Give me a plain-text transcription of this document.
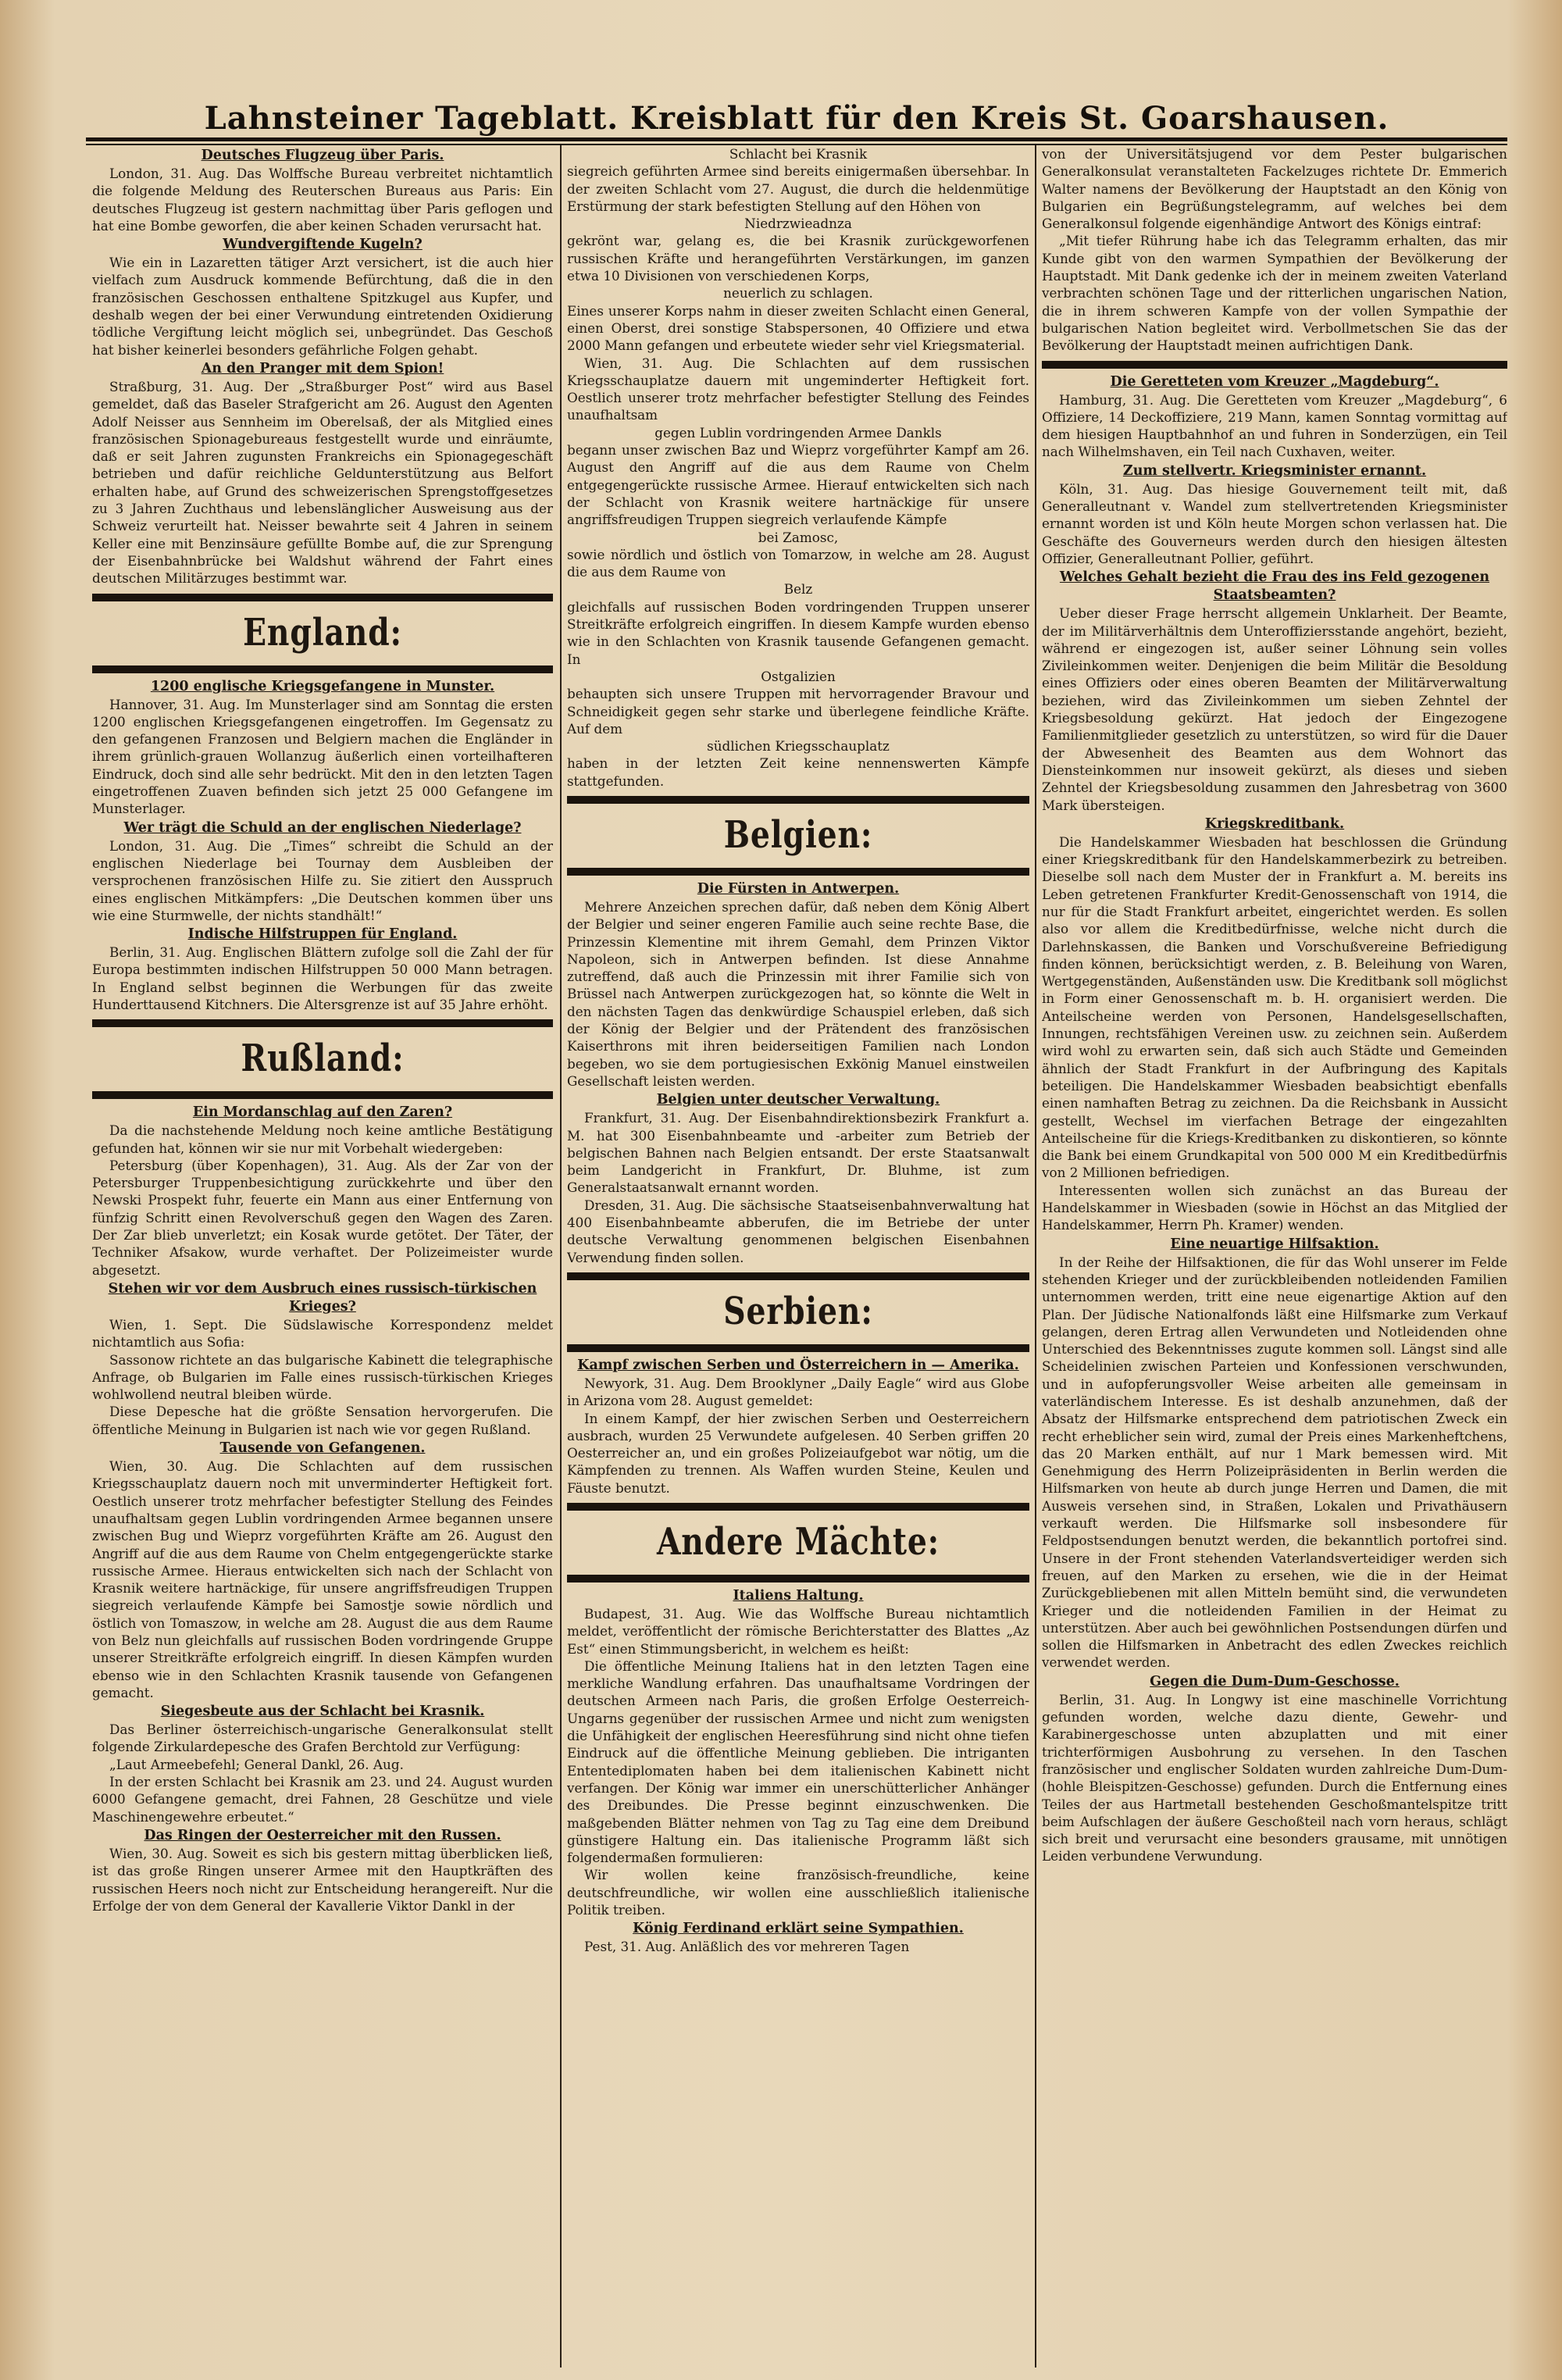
Lahnsteiner Tageblatt. Kreisblatt für den Kreis St. Goarshausen.
Deutsches Flugzeug über Paris.

London, 31. Aug. Das Wolffsche Bureau verbreitet nichtamtlich die folgende Meldung des Reuterschen Bureaus aus Paris: Ein deutsches Flugzeug ist gestern nachmittag über Paris geflogen und hat eine Bombe geworfen, die aber keinen Schaden verursacht hat.

Wundvergiftende Kugeln?

Wie ein in Lazaretten tätiger Arzt versichert, ist die auch hier vielfach zum Ausdruck kommende Befürchtung, daß die in den französischen Geschossen enthaltene Spitzkugel aus Kupfer, und deshalb wegen der bei einer Verwundung eintretenden Oxidierung tödliche Vergiftung leicht möglich sei, unbegründet. Das Geschoß hat bisher keinerlei besonders gefährliche Folgen gehabt.

An den Pranger mit dem Spion!

Straßburg, 31. Aug. Der „Straßburger Post“ wird aus Basel gemeldet, daß das Baseler Strafgericht am 26. August den Agenten Adolf Neisser aus Sennheim im Oberelsaß, der als Mitglied eines französischen Spionagebureaus festgestellt wurde und einräumte, daß er seit Jahren zugunsten Frankreichs ein Spionagegeschäft betrieben und dafür reichliche Geldunterstützung aus Belfort erhalten habe, auf Grund des schweizerischen Sprengstoffgesetzes zu 3 Jahren Zuchthaus und lebenslänglicher Ausweisung aus der Schweiz verurteilt hat. Neisser bewahrte seit 4 Jahren in seinem Keller eine mit Benzinsäure gefüllte Bombe auf, die zur Sprengung der Eisenbahnbrücke bei Waldshut während der Fahrt eines deutschen Militärzuges bestimmt war.

England:
1200 englische Kriegsgefangene in Munster.

Hannover, 31. Aug. Im Munsterlager sind am Sonntag die ersten 1200 englischen Kriegsgefangenen eingetroffen. Im Gegensatz zu den gefangenen Franzosen und Belgiern machen die Engländer in ihrem grünlich-grauen Wollanzug äußerlich einen vorteilhafteren Eindruck, doch sind alle sehr bedrückt. Mit den in den letzten Tagen eingetroffenen Zuaven befinden sich jetzt 25 000 Gefangene im Munsterlager.

Wer trägt die Schuld an der englischen Niederlage?

London, 31. Aug. Die „Times“ schreibt die Schuld an der englischen Niederlage bei Tournay dem Ausbleiben der versprochenen französischen Hilfe zu. Sie zitiert den Ausspruch eines englischen Mitkämpfers: „Die Deutschen kommen über uns wie eine Sturmwelle, der nichts standhält!“

Indische Hilfstruppen für England.

Berlin, 31. Aug. Englischen Blättern zufolge soll die Zahl der für Europa bestimmten indischen Hilfstruppen 50 000 Mann betragen. In England selbst beginnen die Werbungen für das zweite Hunderttausend Kitchners. Die Altersgrenze ist auf 35 Jahre erhöht.

Rußland:
Ein Mordanschlag auf den Zaren?

Da die nachstehende Meldung noch keine amtliche Bestätigung gefunden hat, können wir sie nur mit Vorbehalt wiedergeben:

Petersburg (über Kopenhagen), 31. Aug. Als der Zar von der Petersburger Truppenbesichtigung zurückkehrte und über den Newski Prospekt fuhr, feuerte ein Mann aus einer Entfernung von fünfzig Schritt einen Revolverschuß gegen den Wagen des Zaren. Der Zar blieb unverletzt; ein Kosak wurde getötet. Der Täter, der Techniker Afsakow, wurde verhaftet. Der Polizeimeister wurde abgesetzt.

Stehen wir vor dem Ausbruch eines russisch-türkischen Krieges?

Wien, 1. Sept. Die Südslawische Korrespondenz meldet nichtamtlich aus Sofia:

Sassonow richtete an das bulgarische Kabinett die telegraphische Anfrage, ob Bulgarien im Falle eines russisch-türkischen Krieges wohlwollend neutral bleiben würde.

Diese Depesche hat die größte Sensation hervorgerufen. Die öffentliche Meinung in Bulgarien ist nach wie vor gegen Rußland.

Tausende von Gefangenen.

Wien, 30. Aug. Die Schlachten auf dem russischen Kriegsschauplatz dauern noch mit unverminderter Heftigkeit fort. Oestlich unserer trotz mehrfacher befestigter Stellung des Feindes unaufhaltsam gegen Lublin vordringenden Armee begannen unsere zwischen Bug und Wieprz vorgeführten Kräfte am 26. August den Angriff auf die aus dem Raume von Chelm entgegengerückte starke russische Armee. Hieraus entwickelten sich nach der Schlacht von Krasnik weitere hartnäckige, für unsere angriffsfreudigen Truppen siegreich verlaufende Kämpfe bei Samostje sowie nördlich und östlich von Tomaszow, in welche am 28. August die aus dem Raume von Belz nun gleichfalls auf russischen Boden vordringende Gruppe unserer Streitkräfte erfolgreich eingriff. In diesen Kämpfen wurden ebenso wie in den Schlachten Krasnik tausende von Gefangenen gemacht.

Siegesbeute aus der Schlacht bei Krasnik.

Das Berliner österreichisch-ungarische Generalkonsulat stellt folgende Zirkulardepesche des Grafen Berchtold zur Verfügung:

„Laut Armeebefehl; General Dankl, 26. Aug.

In der ersten Schlacht bei Krasnik am 23. und 24. August wurden 6000 Gefangene gemacht, drei Fahnen, 28 Geschütze und viele Maschinengewehre erbeutet.“

Das Ringen der Oesterreicher mit den Russen.

Wien, 30. Aug. Soweit es sich bis gestern mittag überblicken ließ, ist das große Ringen unserer Armee mit den Hauptkräften des russischen Heers noch nicht zur Entscheidung herangereift. Nur die Erfolge der von dem General der Kavallerie Viktor Dankl in der

Schlacht bei Krasnik

siegreich geführten Armee sind bereits einigermaßen übersehbar. In der zweiten Schlacht vom 27. August, die durch die heldenmütige Erstürmung der stark befestigten Stellung auf den Höhen von

Niedrzwieadnza

gekrönt war, gelang es, die bei Krasnik zurückgeworfenen russischen Kräfte und herangeführten Verstärkungen, im ganzen etwa 10 Divisionen von verschiedenen Korps,

neuerlich zu schlagen.

Eines unserer Korps nahm in dieser zweiten Schlacht einen General, einen Oberst, drei sonstige Stabspersonen, 40 Offiziere und etwa 2000 Mann gefangen und erbeutete wieder sehr viel Kriegsmaterial.

Wien, 31. Aug. Die Schlachten auf dem russischen Kriegsschauplatze dauern mit ungeminderter Heftigkeit fort. Oestlich unserer trotz mehrfacher befestigter Stellung des Feindes unaufhaltsam

gegen Lublin vordringenden Armee Dankls

begann unser zwischen Baz und Wieprz vorgeführter Kampf am 26. August den Angriff auf die aus dem Raume von Chelm entgegengerückte russische Armee. Hierauf entwickelten sich nach der Schlacht von Krasnik weitere hartnäckige für unsere angriffsfreudigen Truppen siegreich verlaufende Kämpfe

bei Zamosc,

sowie nördlich und östlich von Tomarzow, in welche am 28. August die aus dem Raume von

Belz

gleichfalls auf russischen Boden vordringenden Truppen unserer Streitkräfte erfolgreich eingriffen. In diesem Kampfe wurden ebenso wie in den Schlachten von Krasnik tausende Gefangenen gemacht. In

Ostgalizien

behaupten sich unsere Truppen mit hervorragender Bravour und Schneidigkeit gegen sehr starke und überlegene feindliche Kräfte. Auf dem

südlichen Kriegsschauplatz

haben in der letzten Zeit keine nennenswerten Kämpfe stattgefunden.

Belgien:
Die Fürsten in Antwerpen.

Mehrere Anzeichen sprechen dafür, daß neben dem König Albert der Belgier und seiner engeren Familie auch seine rechte Base, die Prinzessin Klementine mit ihrem Gemahl, dem Prinzen Viktor Napoleon, sich in Antwerpen befinden. Ist diese Annahme zutreffend, daß auch die Prinzessin mit ihrer Familie sich von Brüssel nach Antwerpen zurückgezogen hat, so könnte die Welt in den nächsten Tagen das denkwürdige Schauspiel erleben, daß sich der König der Belgier und der Prätendent des französischen Kaiserthrons mit ihren beiderseitigen Familien nach London begeben, wo sie dem portugiesischen Exkönig Manuel einstweilen Gesellschaft leisten werden.

Belgien unter deutscher Verwaltung.

Frankfurt, 31. Aug. Der Eisenbahndirektionsbezirk Frankfurt a. M. hat 300 Eisenbahnbeamte und -arbeiter zum Betrieb der belgischen Bahnen nach Belgien entsandt. Der erste Staatsanwalt beim Landgericht in Frankfurt, Dr. Bluhme, ist zum Generalstaatsanwalt ernannt worden.

Dresden, 31. Aug. Die sächsische Staatseisenbahnverwaltung hat 400 Eisenbahnbeamte abberufen, die im Betriebe der unter deutsche Verwaltung genommenen belgischen Eisenbahnen Verwendung finden sollen.

Serbien:
Kampf zwischen Serben und Österreichern in — Amerika.

Newyork, 31. Aug. Dem Brooklyner „Daily Eagle“ wird aus Globe in Arizona vom 28. August gemeldet:

In einem Kampf, der hier zwischen Serben und Oesterreichern ausbrach, wurden 25 Verwundete aufgelesen. 40 Serben griffen 20 Oesterreicher an, und ein großes Polizeiaufgebot war nötig, um die Kämpfenden zu trennen. Als Waffen wurden Steine, Keulen und Fäuste benutzt.

Andere Mächte:
Italiens Haltung.

Budapest, 31. Aug. Wie das Wolffsche Bureau nichtamtlich meldet, veröffentlicht der römische Berichterstatter des Blattes „Az Est“ einen Stimmungsbericht, in welchem es heißt:

Die öffentliche Meinung Italiens hat in den letzten Tagen eine merkliche Wandlung erfahren. Das unaufhaltsame Vordringen der deutschen Armeen nach Paris, die großen Erfolge Oesterreich-Ungarns gegenüber der russischen Armee und nicht zum wenigsten die Unfähigkeit der englischen Heeresführung sind nicht ohne tiefen Eindruck auf die öffentliche Meinung geblieben. Die intriganten Ententediplomaten haben bei dem italienischen Kabinett nicht verfangen. Der König war immer ein unerschütterlicher Anhänger des Dreibundes. Die Presse beginnt einzuschwenken. Die maßgebenden Blätter nehmen von Tag zu Tag eine dem Dreibund günstigere Haltung ein. Das italienische Programm läßt sich folgendermaßen formulieren:

Wir wollen keine französisch-freundliche, keine deutschfreundliche, wir wollen eine ausschließlich italienische Politik treiben.

König Ferdinand erklärt seine Sympathien.

Pest, 31. Aug. Anläßlich des vor mehreren Tagen

von der Universitätsjugend vor dem Pester bulgarischen Generalkonsulat veranstalteten Fackelzuges richtete Dr. Emmerich Walter namens der Bevölkerung der Hauptstadt an den König von Bulgarien ein Begrüßungstelegramm, auf welches bei dem Generalkonsul folgende eigenhändige Antwort des Königs eintraf:

„Mit tiefer Rührung habe ich das Telegramm erhalten, das mir Kunde gibt von den warmen Sympathien der Bevölkerung der Hauptstadt. Mit Dank gedenke ich der in meinem zweiten Vaterland verbrachten schönen Tage und der ritterlichen ungarischen Nation, die in ihrem schweren Kampfe von der vollen Sympathie der bulgarischen Nation begleitet wird. Verbollmetschen Sie das der Bevölkerung der Hauptstadt meinen aufrichtigen Dank.

Die Geretteten vom Kreuzer „Magdeburg“.

Hamburg, 31. Aug. Die Geretteten vom Kreuzer „Magdeburg“, 6 Offiziere, 14 Deckoffiziere, 219 Mann, kamen Sonntag vormittag auf dem hiesigen Hauptbahnhof an und fuhren in Sonderzügen, ein Teil nach Wilhelmshaven, ein Teil nach Cuxhaven, weiter.

Zum stellvertr. Kriegsminister ernannt.

Köln, 31. Aug. Das hiesige Gouvernement teilt mit, daß Generalleutnant v. Wandel zum stellvertretenden Kriegsminister ernannt worden ist und Köln heute Morgen schon verlassen hat. Die Geschäfte des Gouverneurs werden durch den hiesigen ältesten Offizier, Generalleutnant Pollier, geführt.

Welches Gehalt bezieht die Frau des ins Feld gezogenen Staatsbeamten?

Ueber dieser Frage herrscht allgemein Unklarheit. Der Beamte, der im Militärverhältnis dem Unteroffiziersstande angehört, bezieht, während er eingezogen ist, außer seiner Löhnung sein volles Zivileinkommen weiter. Denjenigen die beim Militär die Besoldung eines Offiziers oder eines oberen Beamten der Militärverwaltung beziehen, wird das Zivileinkommen um sieben Zehntel der Kriegsbesoldung gekürzt. Hat jedoch der Eingezogene Familienmitglieder gesetzlich zu unterstützen, so wird für die Dauer der Abwesenheit des Beamten aus dem Wohnort das Diensteinkommen nur insoweit gekürzt, als dieses und sieben Zehntel der Kriegsbesoldung zusammen den Jahresbetrag von 3600 Mark übersteigen.

Kriegskreditbank.

Die Handelskammer Wiesbaden hat beschlossen die Gründung einer Kriegskreditbank für den Handelskammerbezirk zu betreiben. Dieselbe soll nach dem Muster der in Frankfurt a. M. bereits ins Leben getretenen Frankfurter Kredit-Genossenschaft von 1914, die nur für die Stadt Frankfurt arbeitet, eingerichtet werden. Es sollen also vor allem die Kreditbedürfnisse, welche nicht durch die Darlehnskassen, die Banken und Vorschußvereine Befriedigung finden können, berücksichtigt werden, z. B. Beleihung von Waren, Wertgegenständen, Außenständen usw. Die Kreditbank soll möglichst in Form einer Genossenschaft m. b. H. organisiert werden. Die Anteilscheine werden von Personen, Handelsgesellschaften, Innungen, rechtsfähigen Vereinen usw. zu zeichnen sein. Außerdem wird wohl zu erwarten sein, daß sich auch Städte und Gemeinden ähnlich der Stadt Frankfurt in der Aufbringung des Kapitals beteiligen. Die Handelskammer Wiesbaden beabsichtigt ebenfalls einen namhaften Betrag zu zeichnen. Da die Reichsbank in Aussicht gestellt, Wechsel im vierfachen Betrage der eingezahlten Anteilscheine für die Kriegs-Kreditbanken zu diskontieren, so könnte die Bank bei einem Grundkapital von 500 000 M ein Kreditbedürfnis von 2 Millionen befriedigen.

Interessenten wollen sich zunächst an das Bureau der Handelskammer in Wiesbaden (sowie in Höchst an das Mitglied der Handelskammer, Herrn Ph. Kramer) wenden.

Eine neuartige Hilfsaktion.

In der Reihe der Hilfsaktionen, die für das Wohl unserer im Felde stehenden Krieger und der zurückbleibenden notleidenden Familien unternommen werden, tritt eine neue eigenartige Aktion auf den Plan. Der Jüdische Nationalfonds läßt eine Hilfsmarke zum Verkauf gelangen, deren Ertrag allen Verwundeten und Notleidenden ohne Unterschied des Bekenntnisses zugute kommen soll. Längst sind alle Scheidelinien zwischen Parteien und Konfessionen verschwunden, und in aufopferungsvoller Weise arbeiten alle gemeinsam in vaterländischem Interesse. Es ist deshalb anzunehmen, daß der Absatz der Hilfsmarke entsprechend dem patriotischen Zweck ein recht erheblicher sein wird, zumal der Preis eines Markenheftchens, das 20 Marken enthält, auf nur 1 Mark bemessen wird. Mit Genehmigung des Herrn Polizeipräsidenten in Berlin werden die Hilfsmarken von heute ab durch junge Herren und Damen, die mit Ausweis versehen sind, in Straßen, Lokalen und Privathäusern verkauft werden. Die Hilfsmarke soll insbesondere für Feldpostsendungen benutzt werden, die bekanntlich portofrei sind. Unsere in der Front stehenden Vaterlandsverteidiger werden sich freuen, auf den Marken zu ersehen, wie die in der Heimat Zurückgebliebenen mit allen Mitteln bemüht sind, die verwundeten Krieger und die notleidenden Familien in der Heimat zu unterstützen. Aber auch bei gewöhnlichen Postsendungen dürfen und sollen die Hilfsmarken in Anbetracht des edlen Zweckes reichlich verwendet werden.

Gegen die Dum-Dum-Geschosse.

Berlin, 31. Aug. In Longwy ist eine maschinelle Vorrichtung gefunden worden, welche dazu diente, Gewehr- und Karabinergeschosse unten abzuplatten und mit einer trichterförmigen Ausbohrung zu versehen. In den Taschen französischer und englischer Soldaten wurden zahlreiche Dum-Dum- (hohle Bleispitzen-Geschosse) gefunden. Durch die Entfernung eines Teiles der aus Hartmetall bestehenden Geschoßmantelspitze tritt beim Aufschlagen der äußere Geschoßteil nach vorn heraus, schlägt sich breit und verursacht eine besonders grausame, mit unnötigen Leiden verbundene Verwundung.
